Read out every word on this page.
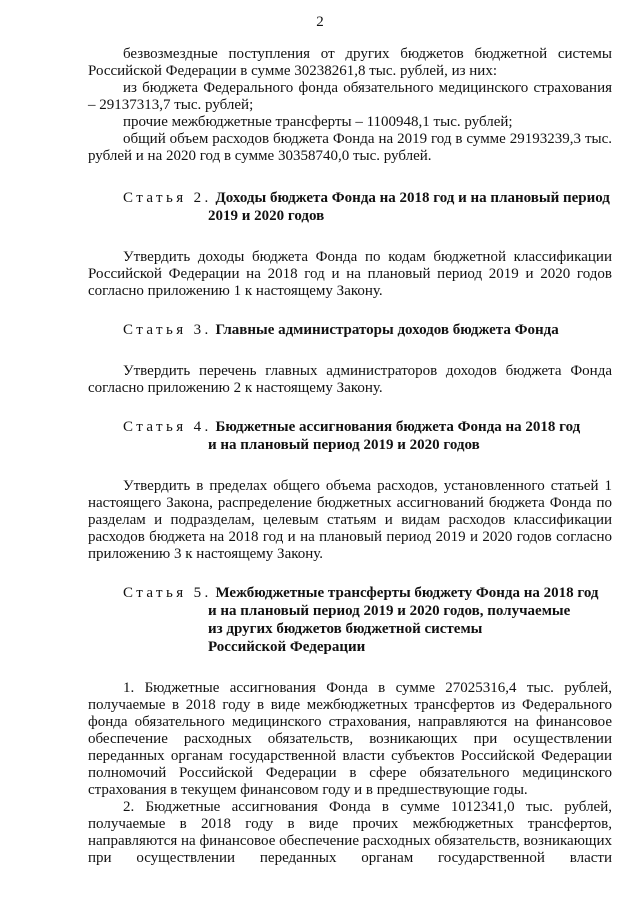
2

безвозмездные поступления от других бюджетов бюджетной системы Российской Федерации в сумме 30238261,8 тыс. рублей, из них:

из бюджета Федерального фонда обязательного медицинского страхования – 29137313,7 тыс. рублей;

прочие межбюджетные трансферты – 1100948,1 тыс. рублей;

общий объем расходов бюджета Фонда на 2019 год в сумме 29193239,3 тыс. рублей и на 2020 год в сумме 30358740,0 тыс. рублей.

Статья 2. Доходы бюджета Фонда на 2018 год и на плановый период
2019 и 2020 годов

Утвердить доходы бюджета Фонда по кодам бюджетной классификации Российской Федерации на 2018 год и на плановый период 2019 и 2020 годов согласно приложению 1 к настоящему Закону.

Статья 3. Главные администраторы доходов бюджета Фонда

Утвердить перечень главных администраторов доходов бюджета Фонда согласно приложению 2 к настоящему Закону.

Статья 4. Бюджетные ассигнования бюджета Фонда на 2018 год
и на плановый период 2019 и 2020 годов

Утвердить в пределах общего объема расходов, установленного статьей 1 настоящего Закона, распределение бюджетных ассигнований бюджета Фонда по разделам и подразделам, целевым статьям и видам расходов классификации расходов бюджета на 2018 год и на плановый период 2019 и 2020 годов согласно приложению 3 к настоящему Закону.

Статья 5. Межбюджетные трансферты бюджету Фонда на 2018 год
и на плановый период 2019 и 2020 годов, получаемые
из других бюджетов бюджетной системы
Российской Федерации

1. Бюджетные ассигнования Фонда в сумме 27025316,4 тыс. рублей, получаемые в 2018 году в виде межбюджетных трансфертов из Федерального фонда обязательного медицинского страхования, направляются на финансовое обеспечение расходных обязательств, возникающих при осуществлении переданных органам государственной власти субъектов Российской Федерации полномочий Российской Федерации в сфере обязательного медицинского страхования в текущем финансовом году и в предшествующие годы.

2. Бюджетные ассигнования Фонда в сумме 1012341,0 тыс. рублей, получаемые в 2018 году в виде прочих межбюджетных трансфертов, направляются на финансовое обеспечение расходных обязательств, возникающих при осуществлении переданных органам государственной власти
